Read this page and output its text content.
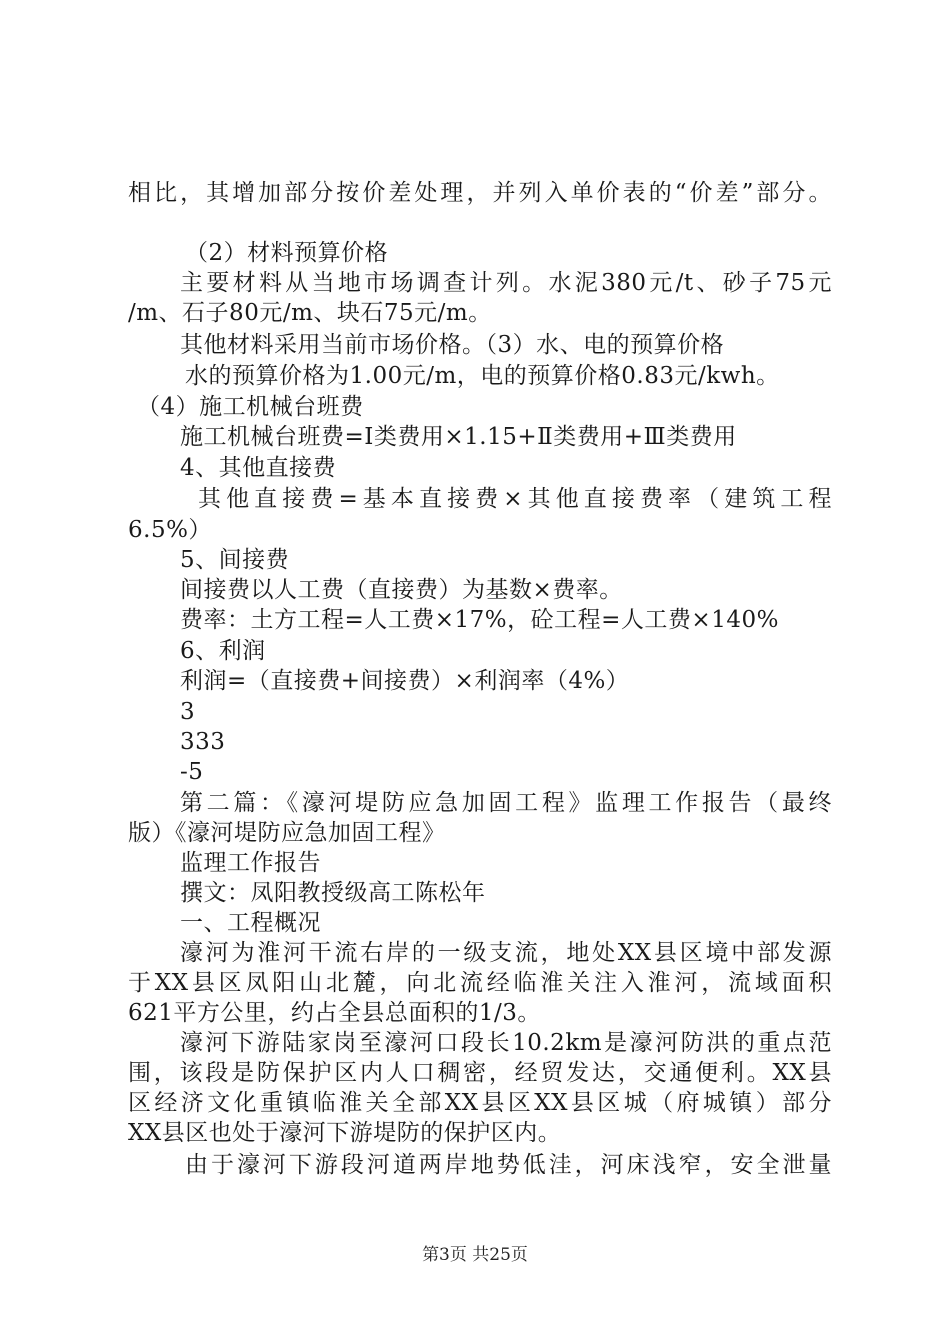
相比，其增加部分按价差处理，并列入单价表的“价差”部分。
（2）材料预算价格
主要材料从当地市场调查计列。水泥380元/t、砂子75元
/m、石子80元/m、块石75元/m。
其他材料采用当前市场价格。（3）水、电的预算价格
水的预算价格为1.00元/m，电的预算价格0.83元/kwh。
（4）施工机械台班费
施工机械台班费=Ⅰ类费用×1.15+Ⅱ类费用+Ⅲ类费用
4、其他直接费
其他直接费=基本直接费×其他直接费率（建筑工程
6.5%）
5、间接费
间接费以人工费（直接费）为基数×费率。
费率：土方工程=人工费×17%，砼工程=人工费×140%
6、利润
利润=（直接费+间接费）×利润率（4%）
3
333
-5
第二篇：《濠河堤防应急加固工程》监理工作报告（最终
版）《濠河堤防应急加固工程》
监理工作报告
撰文：凤阳教授级高工陈松年
一、工程概况
濠河为淮河干流右岸的一级支流，地处XX县区境中部发源
于XX县区凤阳山北麓，向北流经临淮关注入淮河，流域面积
621平方公里，约占全县总面积的1/3。
濠河下游陆家岗至濠河口段长10.2km是濠河防洪的重点范
围，该段是防保护区内人口稠密，经贸发达，交通便利。XX县
区经济文化重镇临淮关全部XX县区XX县区城（府城镇）部分
XX县区也处于濠河下游堤防的保护区内。
由于濠河下游段河道两岸地势低洼，河床浅窄，安全泄量
第3页 共25页
